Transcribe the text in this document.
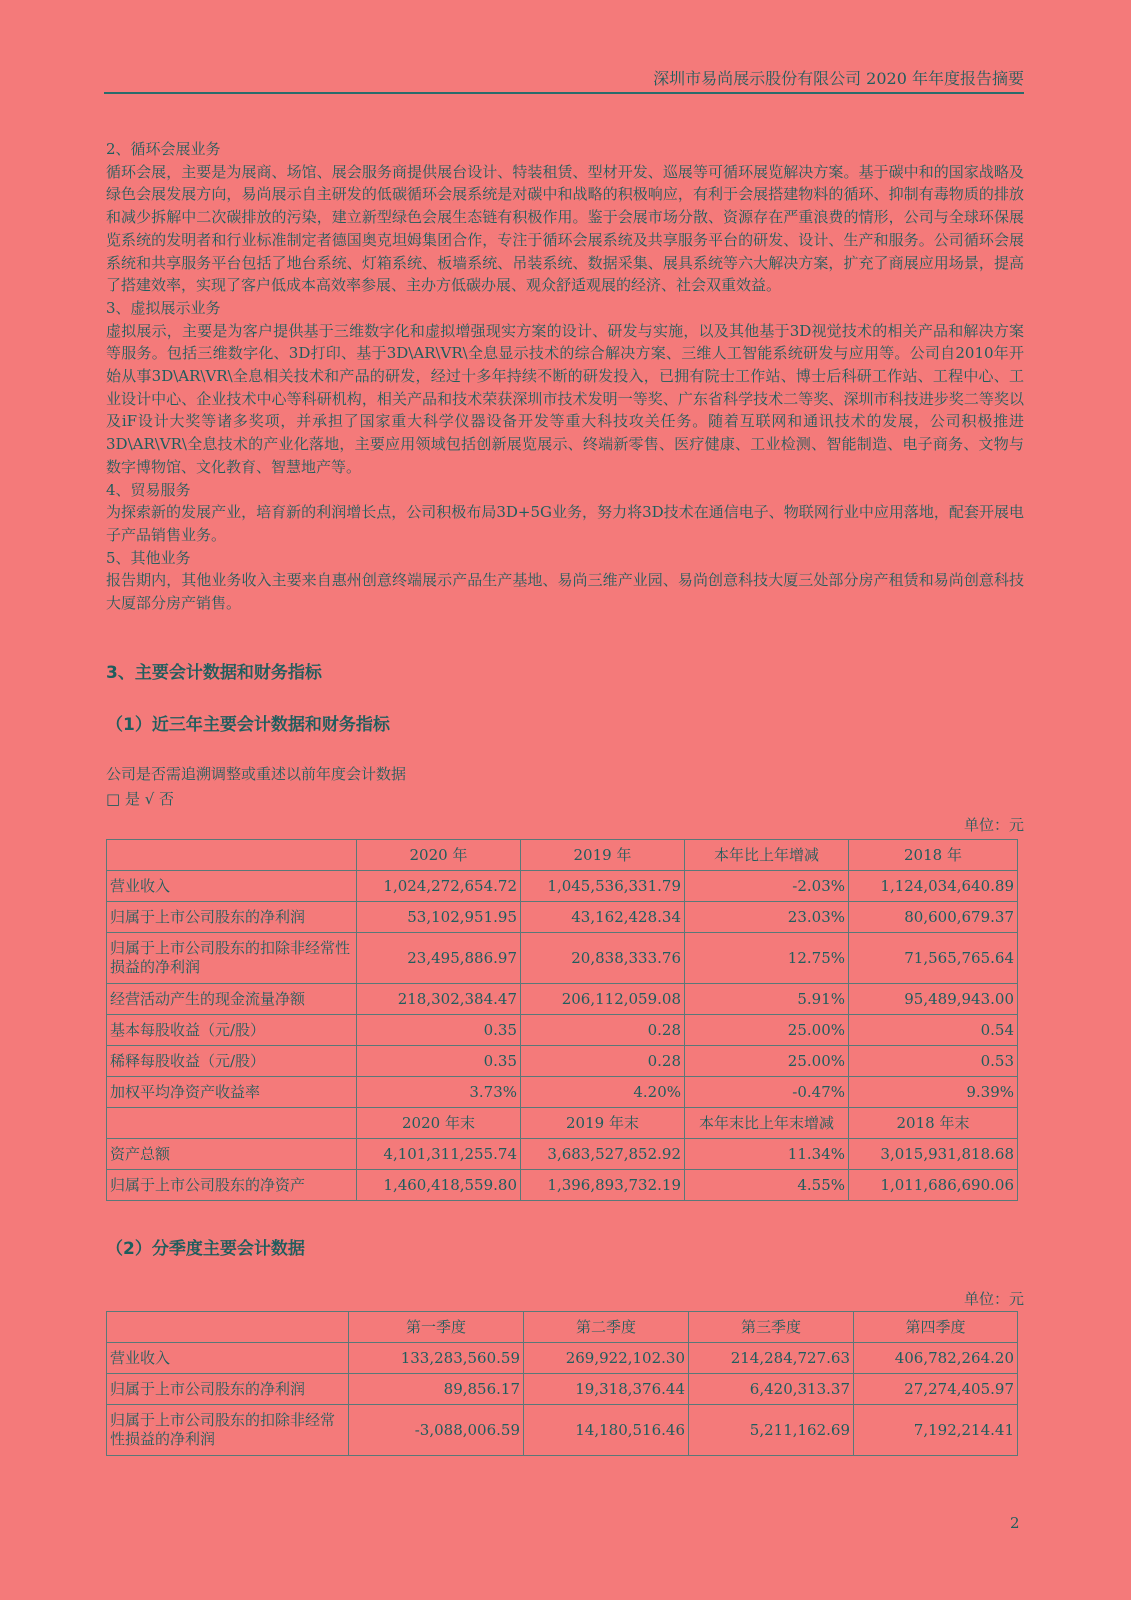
深圳市易尚展示股份有限公司 2020 年年度报告摘要

2、循环会展业务

循环会展，主要是为展商、场馆、展会服务商提供展台设计、特装租赁、型材开发、巡展等可循环展览解决方案。基于碳中和的国家战略及绿色会展发展方向，易尚展示自主研发的低碳循环会展系统是对碳中和战略的积极响应，有利于会展搭建物料的循环、抑制有毒物质的排放和减少拆解中二次碳排放的污染，建立新型绿色会展生态链有积极作用。鉴于会展市场分散、资源存在严重浪费的情形，公司与全球环保展览系统的发明者和行业标准制定者德国奥克坦姆集团合作，专注于循环会展系统及共享服务平台的研发、设计、生产和服务。公司循环会展系统和共享服务平台包括了地台系统、灯箱系统、板墙系统、吊装系统、数据采集、展具系统等六大解决方案，扩充了商展应用场景，提高了搭建效率，实现了客户低成本高效率参展、主办方低碳办展、观众舒适观展的经济、社会双重效益。

3、虚拟展示业务

虚拟展示，主要是为客户提供基于三维数字化和虚拟增强现实方案的设计、研发与实施，以及其他基于3D视觉技术的相关产品和解决方案等服务。包括三维数字化、3D打印、基于3D\AR\VR\全息显示技术的综合解决方案、三维人工智能系统研发与应用等。公司自2010年开始从事3D\AR\VR\全息相关技术和产品的研发，经过十多年持续不断的研发投入，已拥有院士工作站、博士后科研工作站、工程中心、工业设计中心、企业技术中心等科研机构，相关产品和技术荣获深圳市技术发明一等奖、广东省科学技术二等奖、深圳市科技进步奖二等奖以及iF设计大奖等诸多奖项，并承担了国家重大科学仪器设备开发等重大科技攻关任务。随着互联网和通讯技术的发展，公司积极推进3D\AR\VR\全息技术的产业化落地，主要应用领域包括创新展览展示、终端新零售、医疗健康、工业检测、智能制造、电子商务、文物与数字博物馆、文化教育、智慧地产等。

4、贸易服务

为探索新的发展产业，培育新的利润增长点，公司积极布局3D+5G业务，努力将3D技术在通信电子、物联网行业中应用落地，配套开展电子产品销售业务。

5、其他业务

报告期内，其他业务收入主要来自惠州创意终端展示产品生产基地、易尚三维产业园、易尚创意科技大厦三处部分房产租赁和易尚创意科技大厦部分房产销售。

3、主要会计数据和财务指标
（1）近三年主要会计数据和财务指标
公司是否需追溯调整或重述以前年度会计数据
□ 是 √ 否
单位：元
	2020 年	2019 年	本年比上年增减	2018 年
营业收入	1,024,272,654.72	1,045,536,331.79	-2.03%	1,124,034,640.89
归属于上市公司股东的净利润	53,102,951.95	43,162,428.34	23.03%	80,600,679.37
归属于上市公司股东的扣除非经常性损益的净利润	23,495,886.97	20,838,333.76	12.75%	71,565,765.64
经营活动产生的现金流量净额	218,302,384.47	206,112,059.08	5.91%	95,489,943.00
基本每股收益（元/股）	0.35	0.28	25.00%	0.54
稀释每股收益（元/股）	0.35	0.28	25.00%	0.53
加权平均净资产收益率	3.73%	4.20%	-0.47%	9.39%
	2020 年末	2019 年末	本年末比上年末增减	2018 年末
资产总额	4,101,311,255.74	3,683,527,852.92	11.34%	3,015,931,818.68
归属于上市公司股东的净资产	1,460,418,559.80	1,396,893,732.19	4.55%	1,011,686,690.06
（2）分季度主要会计数据
单位：元
	第一季度	第二季度	第三季度	第四季度
营业收入	133,283,560.59	269,922,102.30	214,284,727.63	406,782,264.20
归属于上市公司股东的净利润	89,856.17	19,318,376.44	6,420,313.37	27,274,405.97
归属于上市公司股东的扣除非经常性损益的净利润	-3,088,006.59	14,180,516.46	5,211,162.69	7,192,214.41
2
